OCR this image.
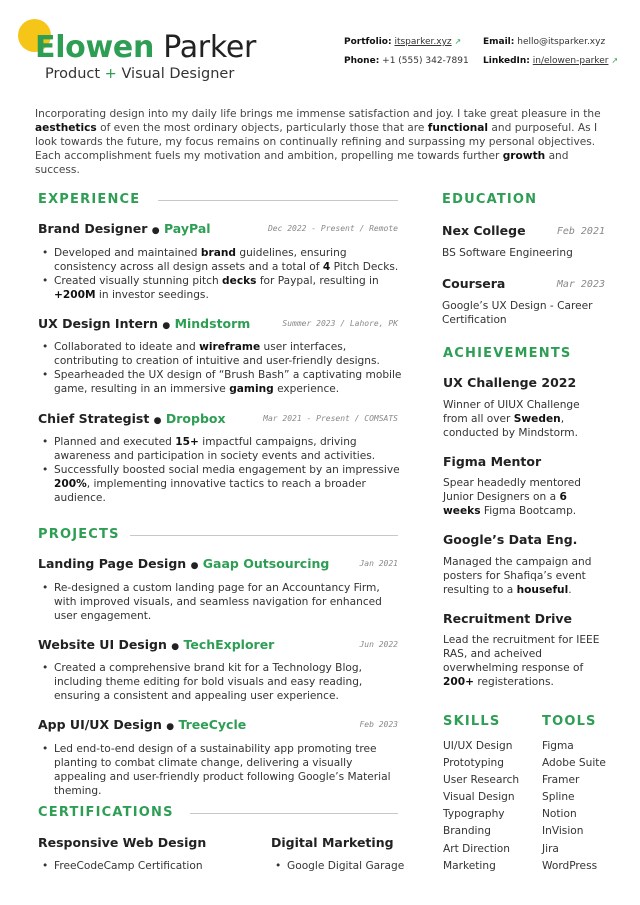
Elowen Parker
Product + Visual Designer
Portfolio: itsparker.xyz ↗ Email: hello@itsparker.xyz
Phone: +1 (555) 342-7891 LinkedIn: in/elowen-parker ↗
Incorporating design into my daily life brings me immense satisfaction and joy. I take great pleasure in the aesthetics of even the most ordinary objects, particularly those that are functional and purposeful. As I look towards the future, my focus remains on continually refining and surpassing my personal objectives. Each accomplishment fuels my motivation and ambition, propelling me towards further growth and success.
EXPERIENCE
Brand Designer ● PayPal	Dec 2022 - Present / Remote
• Developed and maintained brand guidelines, ensuring consistency across all design assets and a total of 4 Pitch Decks.
• Created visually stunning pitch decks for Paypal, resulting in +200M in investor seedings.
UX Design Intern ● Mindstorm	Summer 2023 / Lahore, PK
• Collaborated to ideate and wireframe user interfaces, contributing to creation of intuitive and user-friendly designs.
• Spearheaded the UX design of “Brush Bash” a captivating mobile game, resulting in an immersive gaming experience.
Chief Strategist ● Dropbox	Mar 2021 - Present / COMSATS
• Planned and executed 15+ impactful campaigns, driving awareness and participation in society events and activities.
• Successfully boosted social media engagement by an impressive 200%, implementing innovative tactics to reach a broader audience.
PROJECTS
Landing Page Design ● Gaap Outsourcing	Jan 2021
• Re-designed a custom landing page for an Accountancy Firm, with improved visuals, and seamless navigation for enhanced user engagement.
Website UI Design ● TechExplorer	Jun 2022
• Created a comprehensive brand kit for a Technology Blog, including theme editing for bold visuals and easy reading, ensuring a consistent and appealing user experience.
App UI/UX Design ● TreeCycle	Feb 2023
• Led end-to-end design of a sustainability app promoting tree planting to combat climate change, delivering a visually appealing and user-friendly product following Google’s Material theming.
CERTIFICATIONS
Responsive Web Design
• FreeCodeCamp Certification
Digital Marketing
• Google Digital Garage
EDUCATION
Nex College	Feb 2021
BS Software Engineering
Coursera	Mar 2023
Google’s UX Design - Career Certification
ACHIEVEMENTS
UX Challenge 2022
Winner of UIUX Challenge from all over Sweden, conducted by Mindstorm.
Figma Mentor
Spear headedly mentored Junior Designers on a 6 weeks Figma Bootcamp.
Google’s Data Eng.
Managed the campaign and posters for Shafiqa’s event resulting to a houseful.
Recruitment Drive
Lead the recruitment for IEEE RAS, and acheived overwhelming response of 200+ registerations.
SKILLS	TOOLS
UI/UX Design
Prototyping
User Research
Visual Design
Typography
Branding
Art Direction
Marketing
Figma
Adobe Suite
Framer
Spline
Notion
InVision
Jira
WordPress
